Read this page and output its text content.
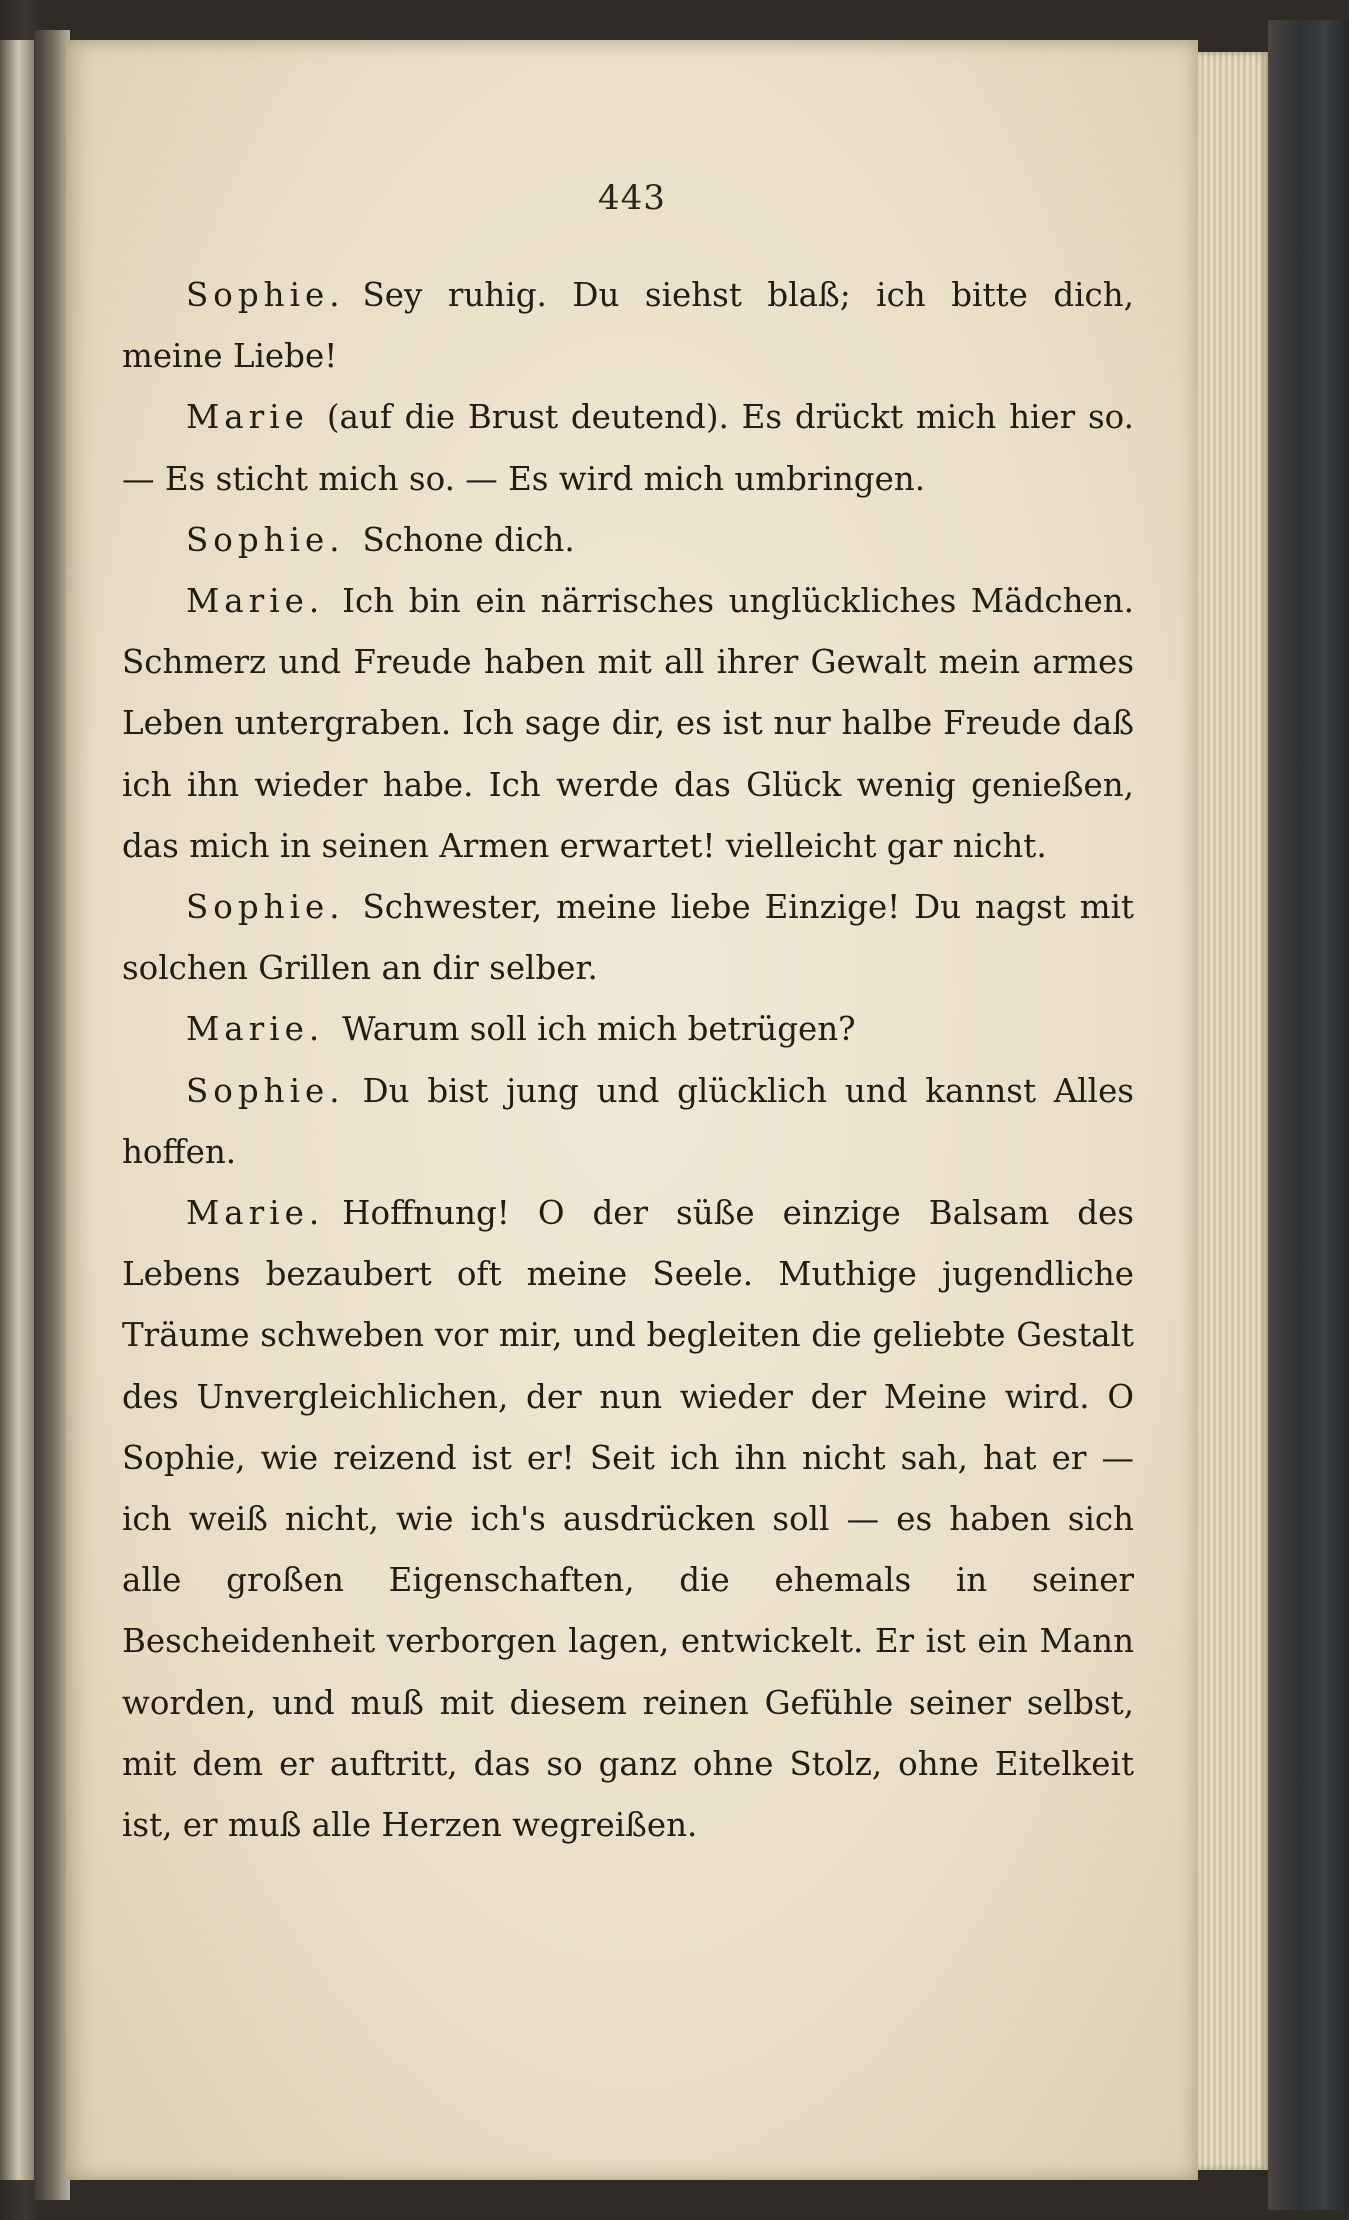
443

Sophie. Sey ruhig. Du siehst blaß; ich bitte dich, meine Liebe!

Marie (auf die Brust deutend). Es drückt mich hier so. — Es sticht mich so. — Es wird mich umbringen.

Sophie. Schone dich.

Marie. Ich bin ein närrisches unglückliches Mädchen. Schmerz und Freude haben mit all ihrer Gewalt mein armes Leben untergraben. Ich sage dir, es ist nur halbe Freude daß ich ihn wieder habe. Ich werde das Glück wenig genießen, das mich in seinen Armen erwartet! vielleicht gar nicht.

Sophie. Schwester, meine liebe Einzige! Du nagst mit solchen Grillen an dir selber.

Marie. Warum soll ich mich betrügen?

Sophie. Du bist jung und glücklich und kannst Alles hoffen.

Marie. Hoffnung! O der süße einzige Balsam des Lebens bezaubert oft meine Seele. Muthige jugendliche Träume schweben vor mir, und begleiten die geliebte Gestalt des Unvergleichlichen, der nun wieder der Meine wird. O Sophie, wie reizend ist er! Seit ich ihn nicht sah, hat er — ich weiß nicht, wie ich's ausdrücken soll — es haben sich alle großen Eigenschaften, die ehemals in seiner Bescheidenheit verborgen lagen, entwickelt. Er ist ein Mann worden, und muß mit diesem reinen Gefühle seiner selbst, mit dem er auftritt, das so ganz ohne Stolz, ohne Eitelkeit ist, er muß alle Herzen wegreißen.
